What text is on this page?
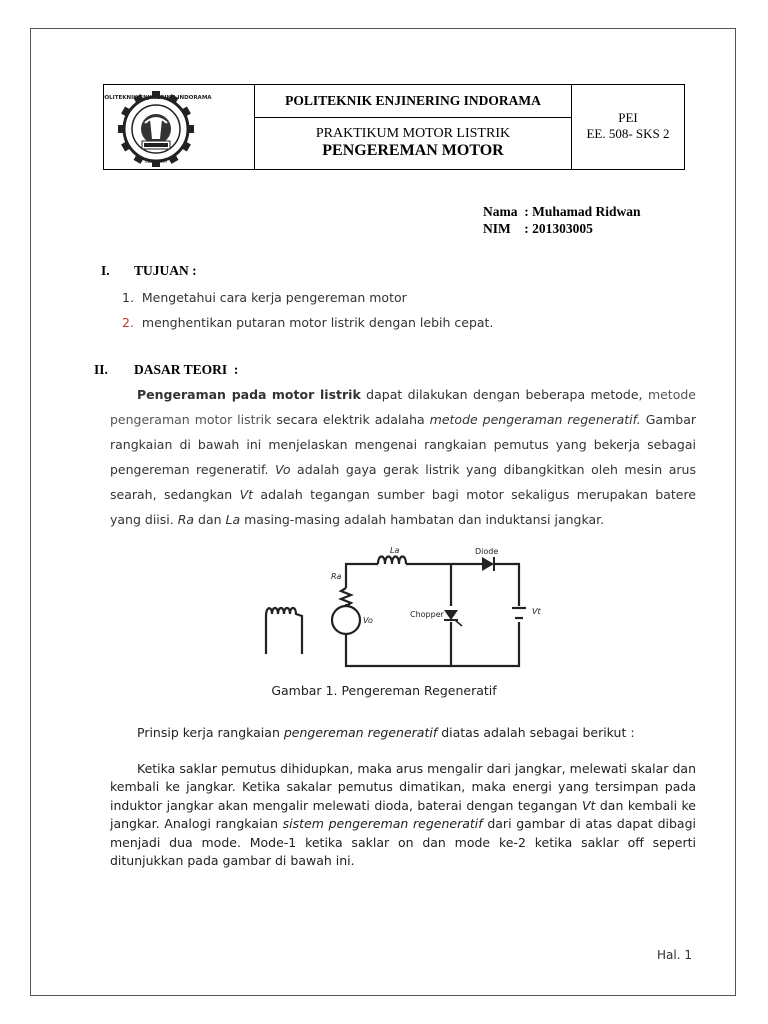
POLITEKNIK ENJINERING INDORAMA
INDORAMA
POLITEKNIK ENJINERING INDORAMA
PRAKTIKUM MOTOR LISTRIK
PENGEREMAN MOTOR
PEI
EE. 508- SKS 2
Nama  : Muhamad Ridwan
NIM    : 201303005
I. TUJUAN :
1. Mengetahui cara kerja pengereman motor
2. menghentikan putaran motor listrik dengan lebih cepat.
II. DASAR TEORI  :
Pengeraman pada motor listrik dapat dilakukan dengan beberapa metode, metode pengeraman motor listrik secara elektrik adalaha metode pengeraman regeneratif. Gambar rangkaian di bawah ini menjelaskan mengenai rangkaian pemutus yang bekerja sebagai pengereman regeneratif. Vo adalah gaya gerak listrik yang dibangkitkan oleh mesin arus searah, sedangkan Vt adalah tegangan sumber bagi motor sekaligus merupakan batere yang diisi. Ra dan La masing-masing adalah hambatan dan induktansi jangkar.
La
Ra
Vo
Diode
Chopper	Vt
Gambar 1. Pengereman Regeneratif
Prinsip kerja rangkaian pengereman regeneratif diatas adalah sebagai berikut :
Ketika saklar pemutus dihidupkan, maka arus mengalir dari jangkar, melewati skalar dan kembali ke jangkar. Ketika sakalar pemutus dimatikan, maka energi yang tersimpan pada induktor jangkar akan mengalir melewati dioda, baterai dengan tegangan Vt dan kembali ke jangkar. Analogi rangkaian sistem pengereman regeneratif dari gambar di atas dapat dibagi menjadi dua mode. Mode-1 ketika saklar on dan mode ke-2 ketika saklar off seperti ditunjukkan pada gambar di bawah ini.
Hal. 1
